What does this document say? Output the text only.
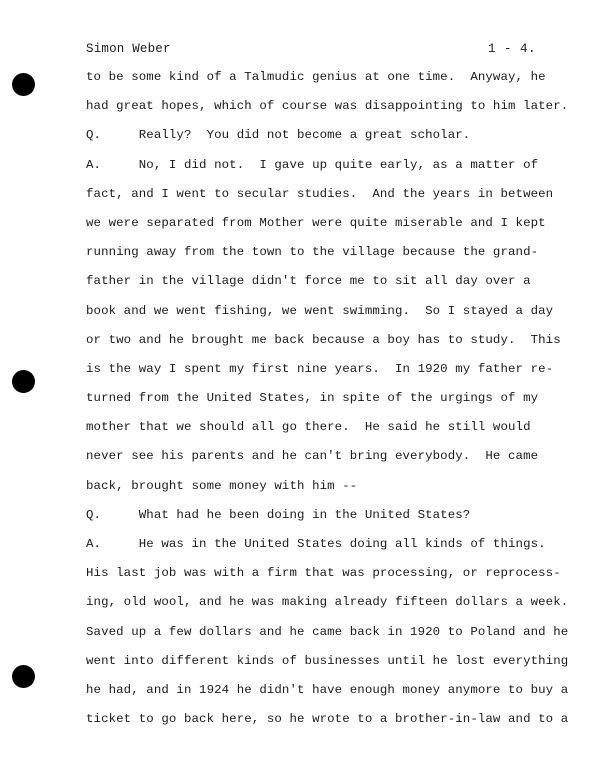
Simon Weber	1 - 4.
to be some kind of a Talmudic genius at one time.  Anyway, he
had great hopes, which of course was disappointing to him later.
Q.     Really?  You did not become a great scholar.
A.     No, I did not.  I gave up quite early, as a matter of
fact, and I went to secular studies.  And the years in between
we were separated from Mother were quite miserable and I kept
running away from the town to the village because the grand-
father in the village didn't force me to sit all day over a
book and we went fishing, we went swimming.  So I stayed a day
or two and he brought me back because a boy has to study.  This
is the way I spent my first nine years.  In 1920 my father re-
turned from the United States, in spite of the urgings of my
mother that we should all go there.  He said he still would
never see his parents and he can't bring everybody.  He came
back, brought some money with him --
Q.     What had he been doing in the United States?
A.     He was in the United States doing all kinds of things.
His last job was with a firm that was processing, or reprocess-
ing, old wool, and he was making already fifteen dollars a week.
Saved up a few dollars and he came back in 1920 to Poland and he
went into different kinds of businesses until he lost everything
he had, and in 1924 he didn't have enough money anymore to buy a
ticket to go back here, so he wrote to a brother-in-law and to a
